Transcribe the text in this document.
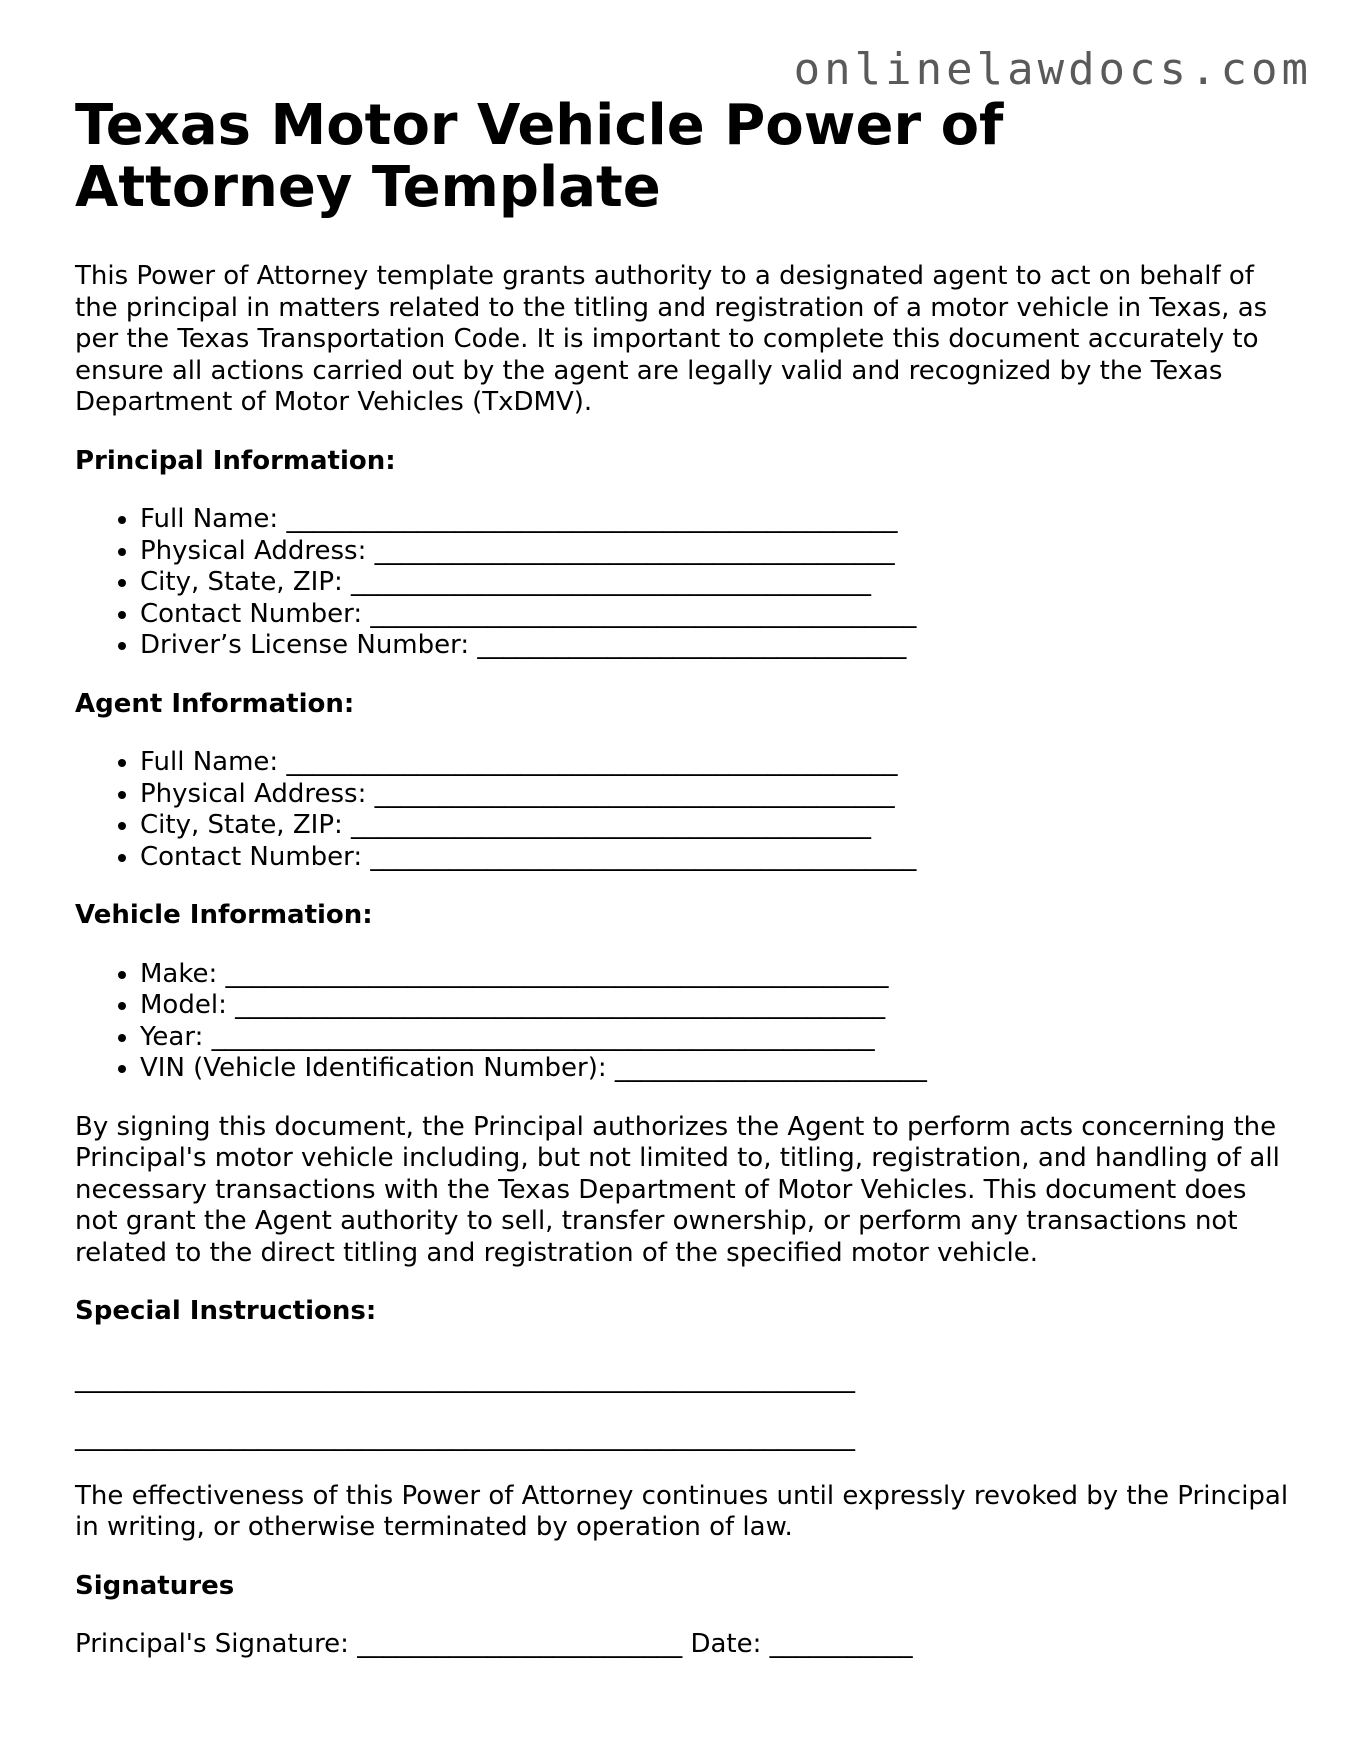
onlinelawdocs.com
Texas Motor Vehicle Power of Attorney Template

This Power of Attorney template grants authority to a designated agent to act on behalf of the principal in matters related to the titling and registration of a motor vehicle in Texas, as per the Texas Transportation Code. It is important to complete this document accurately to ensure all actions carried out by the agent are legally valid and recognized by the Texas Department of Motor Vehicles (TxDMV).

Principal Information:
• Full Name: _______________________________________________
• Physical Address: ________________________________________
• City, State, ZIP: ________________________________________
• Contact Number: __________________________________________
• Driver’s License Number: _________________________________
Agent Information:
• Full Name: _______________________________________________
• Physical Address: ________________________________________
• City, State, ZIP: ________________________________________
• Contact Number: __________________________________________
Vehicle Information:
• Make: ___________________________________________________
• Model: __________________________________________________
• Year: ___________________________________________________
• VIN (Vehicle Identification Number): ________________________

By signing this document, the Principal authorizes the Agent to perform acts concerning the Principal's motor vehicle including, but not limited to, titling, registration, and handling of all necessary transactions with the Texas Department of Motor Vehicles. This document does not grant the Agent authority to sell, transfer ownership, or perform any transactions not related to the direct titling and registration of the specified motor vehicle.

Special Instructions:
____________________________________________________________
____________________________________________________________

The effectiveness of this Power of Attorney continues until expressly revoked by the Principal in writing, or otherwise terminated by operation of law.

Signatures
Principal's Signature: _________________________ Date: ___________
